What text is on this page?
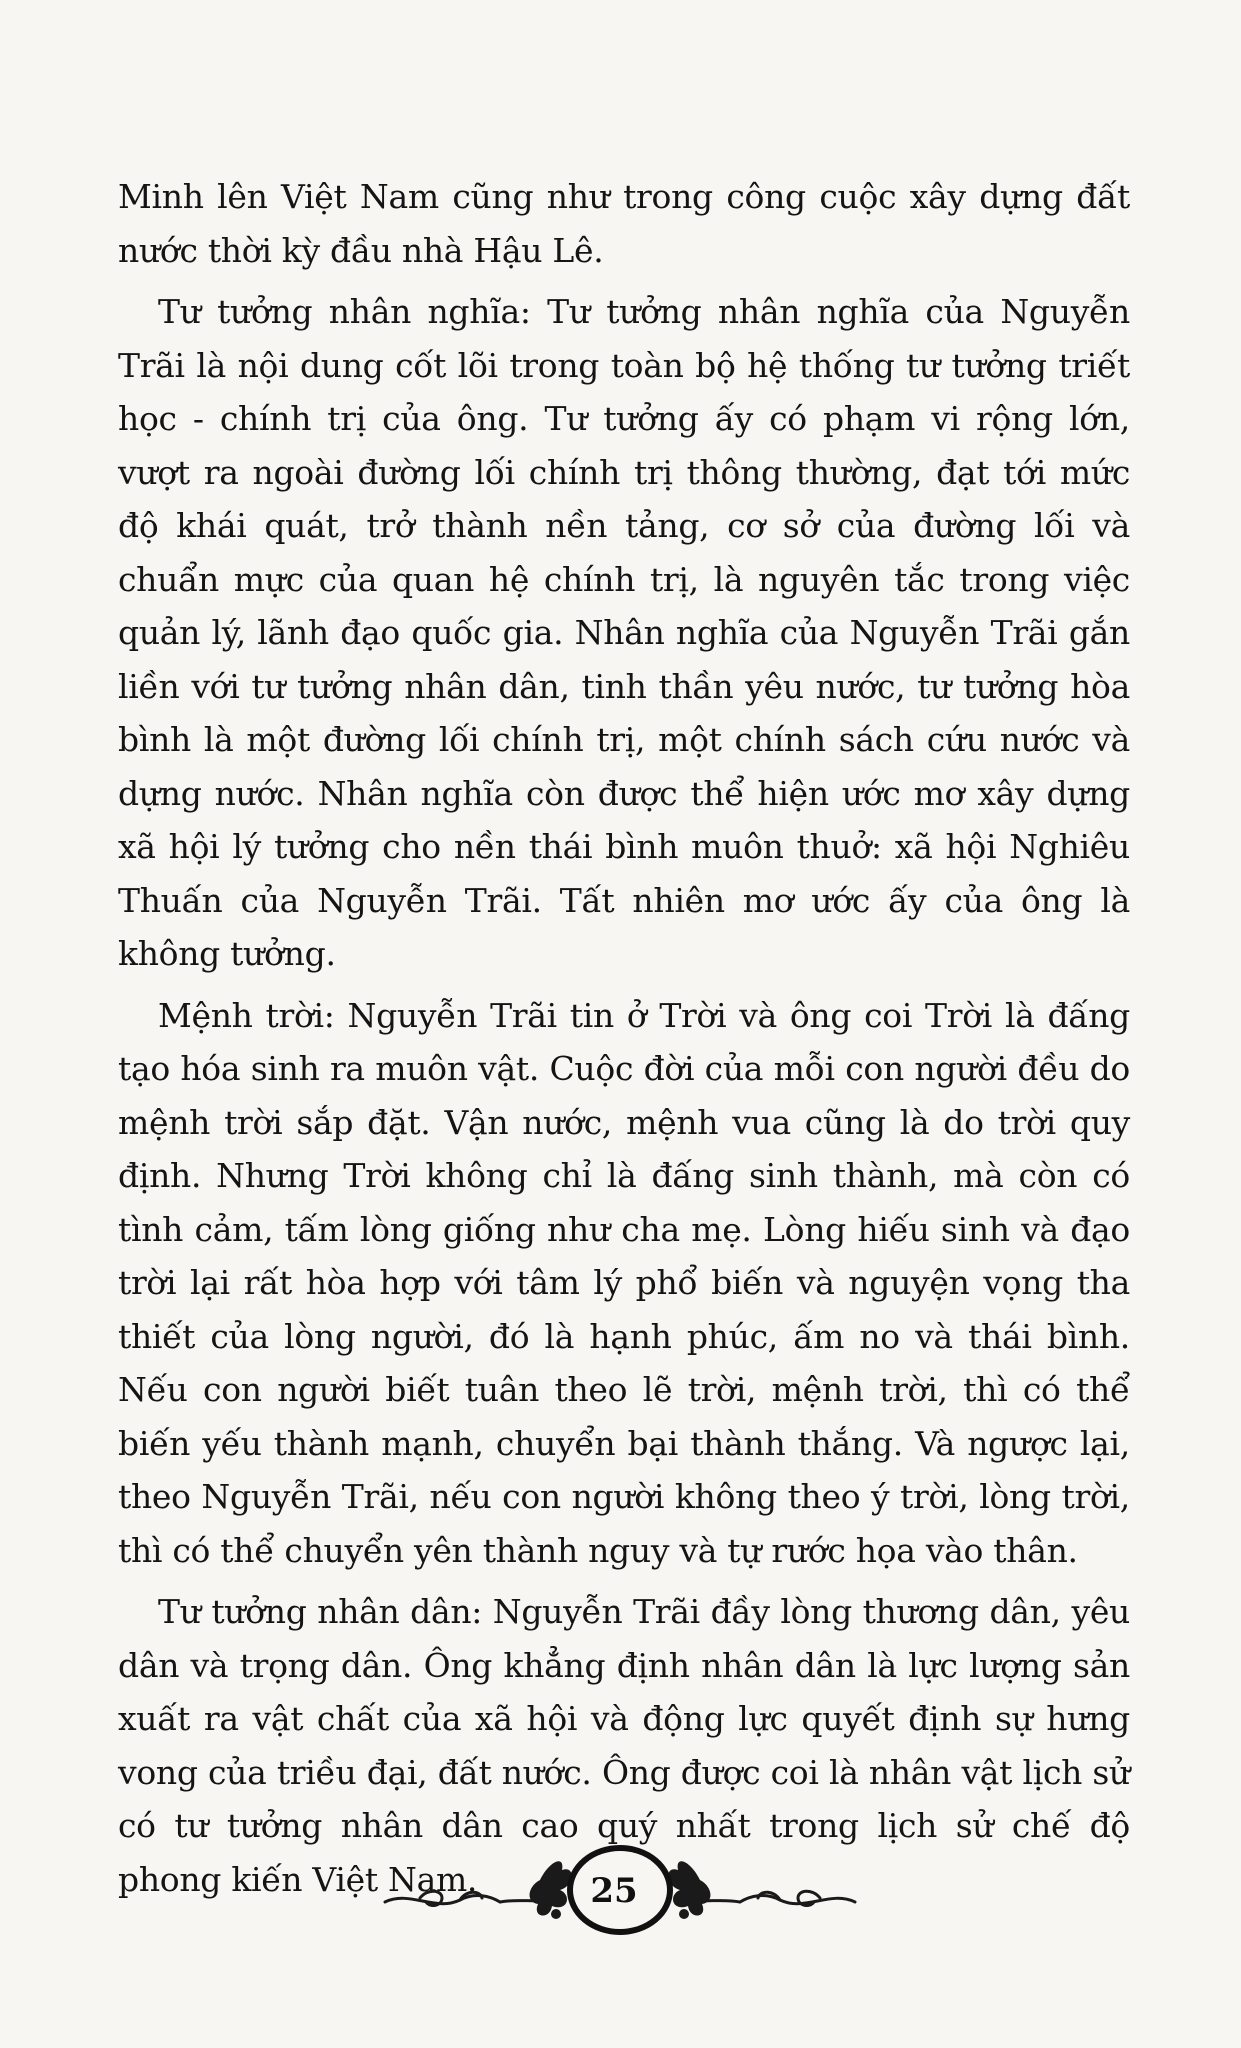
Minh lên Việt Nam cũng như trong công cuộc xây dựng đất nước thời kỳ đầu nhà Hậu Lê.

Tư tưởng nhân nghĩa: Tư tưởng nhân nghĩa của Nguyễn Trãi là nội dung cốt lõi trong toàn bộ hệ thống tư tưởng triết học - chính trị của ông. Tư tưởng ấy có phạm vi rộng lớn, vượt ra ngoài đường lối chính trị thông thường, đạt tới mức độ khái quát, trở thành nền tảng, cơ sở của đường lối và chuẩn mực của quan hệ chính trị, là nguyên tắc trong việc quản lý, lãnh đạo quốc gia. Nhân nghĩa của Nguyễn Trãi gắn liền với tư tưởng nhân dân, tinh thần yêu nước, tư tưởng hòa bình là một đường lối chính trị, một chính sách cứu nước và dựng nước. Nhân nghĩa còn được thể hiện ước mơ xây dựng xã hội lý tưởng cho nền thái bình muôn thuở: xã hội Nghiêu Thuấn của Nguyễn Trãi. Tất nhiên mơ ước ấy của ông là không tưởng.

Mệnh trời: Nguyễn Trãi tin ở Trời và ông coi Trời là đấng tạo hóa sinh ra muôn vật. Cuộc đời của mỗi con người đều do mệnh trời sắp đặt. Vận nước, mệnh vua cũng là do trời quy định. Nhưng Trời không chỉ là đấng sinh thành, mà còn có tình cảm, tấm lòng giống như cha mẹ. Lòng hiếu sinh và đạo trời lại rất hòa hợp với tâm lý phổ biến và nguyện vọng tha thiết của lòng người, đó là hạnh phúc, ấm no và thái bình. Nếu con người biết tuân theo lẽ trời, mệnh trời, thì có thể biến yếu thành mạnh, chuyển bại thành thắng. Và ngược lại, theo Nguyễn Trãi, nếu con người không theo ý trời, lòng trời, thì có thể chuyển yên thành nguy và tự rước họa vào thân.

Tư tưởng nhân dân: Nguyễn Trãi đầy lòng thương dân, yêu dân và trọng dân. Ông khẳng định nhân dân là lực lượng sản xuất ra vật chất của xã hội và động lực quyết định sự hưng vong của triều đại, đất nước. Ông được coi là nhân vật lịch sử có tư tưởng nhân dân cao quý nhất trong lịch sử chế độ phong kiến Việt Nam.	25
